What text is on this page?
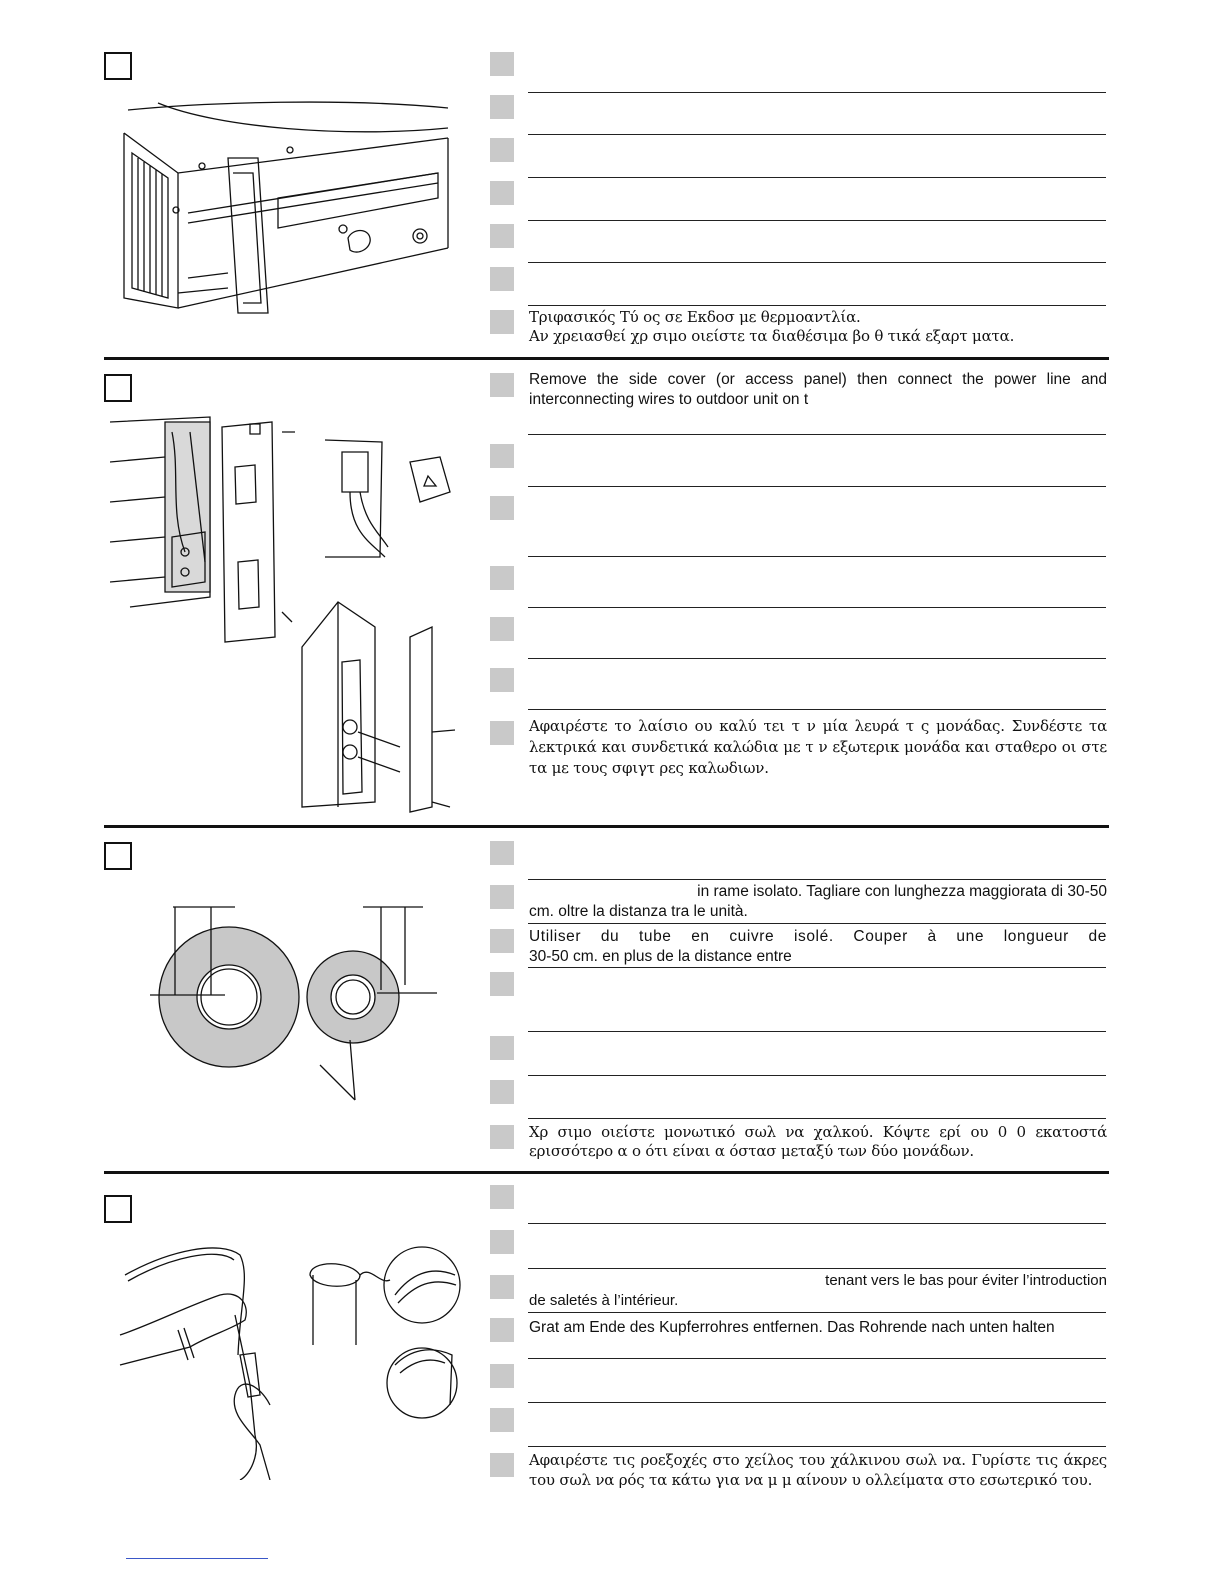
Τριφασικός Τύ ος σε Εκδοσ με θερμοαντλία.
Αν χρειασθεί χρ σιμο οιείστε τα διαθέσιμα βο θ τικά εξαρτ ματα.
Remove the side cover (or access panel) then connect the power line and interconnecting wires to outdoor unit on t
Αφαιρέστε το λαίσιο ου καλύ τει τ ν μία λευρά τ ς μονάδας. Συνδέστε τα λεκτρικά και συνδετικά καλώδια με τ ν εξωτερικ μονάδα και σταθερο οι στε τα με τους σφιγτ ρες καλωδιων.
in rame isolato. Tagliare con lunghezza maggiorata di 30-50
cm. oltre la distanza tra le unità.
Utiliser du tube en cuivre isolé. Couper à une longueur de
30-50 cm. en plus de la distance entre
Χρ σιμο οιείστε μονωτικό σωλ να χαλκού. Κόψτε ερί ου 0 0 εκατοστά
ερισσότερο α ο ότι είναι α όστασ μεταξύ των δύο μονάδων.
tenant vers le bas pour éviter l’introduction
de saletés à l’intérieur.
Grat am Ende des Kupferrohres entfernen. Das Rohrende nach unten halten
Αφαιρέστε τις ροεξοχές στο χείλος του χάλκινου σωλ να. Γυρίστε τις άκρες
του σωλ να ρός τα κάτω για να μ μ αίνουν υ ολλείματα στο εσωτερικό του.
